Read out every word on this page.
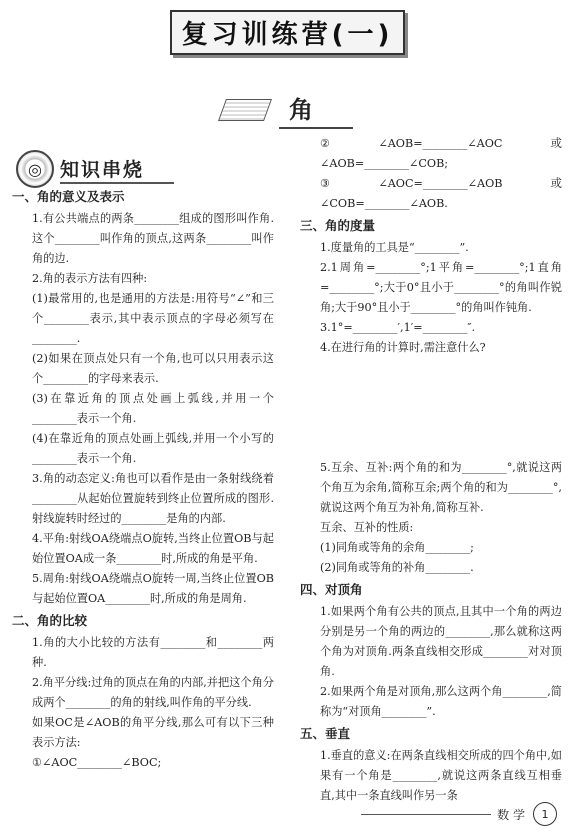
复习训练营(一)
角
◎ 知识串烧
一、角的意义及表示

1.有公共端点的两条________组成的图形叫作角.这个________叫作角的顶点,这两条________叫作角的边.

2.角的表示方法有四种:

(1)最常用的,也是通用的方法是:用符号“∠”和三个________表示,其中表示顶点的字母必须写在________.

(2)如果在顶点处只有一个角,也可以只用表示这个________的字母来表示.

(3)在靠近角的顶点处画上弧线,并用一个________表示一个角.

(4)在靠近角的顶点处画上弧线,并用一个小写的________表示一个角.

3.角的动态定义:角也可以看作是由一条射线绕着________从起始位置旋转到终止位置所成的图形.射线旋转时经过的________是角的内部.

4.平角:射线OA绕端点O旋转,当终止位置OB与起始位置OA成一条________时,所成的角是平角.

5.周角:射线OA绕端点O旋转一周,当终止位置OB与起始位置OA________时,所成的角是周角.

二、角的比较

1.角的大小比较的方法有________和________两种.

2.角平分线:过角的顶点在角的内部,并把这个角分成两个________的角的射线,叫作角的平分线.

如果OC是∠AOB的角平分线,那么可有以下三种表示方法:

①∠AOC________∠BOC;

②∠AOB=________∠AOC或∠AOB=________∠COB;

③∠AOC=________∠AOB或∠COB=________∠AOB.

三、角的度量

1.度量角的工具是“________”.

2.1周角=________°;1平角=________°;1直角=________°;大于0°且小于________°的角叫作锐角;大于90°且小于________°的角叫作钝角.

3.1°=________′,1′=________″.

4.在进行角的计算时,需注意什么?

5.互余、互补:两个角的和为________°,就说这两个角互为余角,简称互余;两个角的和为________°,就说这两个角互为补角,简称互补.

互余、互补的性质:

(1)同角或等角的余角________;

(2)同角或等角的补角________.

四、对顶角

1.如果两个角有公共的顶点,且其中一个角的两边分别是另一个角的两边的________,那么就称这两个角为对顶角.两条直线相交形成________对对顶角.

2.如果两个角是对顶角,那么这两个角________,简称为“对顶角________”.

五、垂直

1.垂直的意义:在两条直线相交所成的四个角中,如果有一个角是________,就说这两条直线互相垂直,其中一条直线叫作另一条

数 学	1
